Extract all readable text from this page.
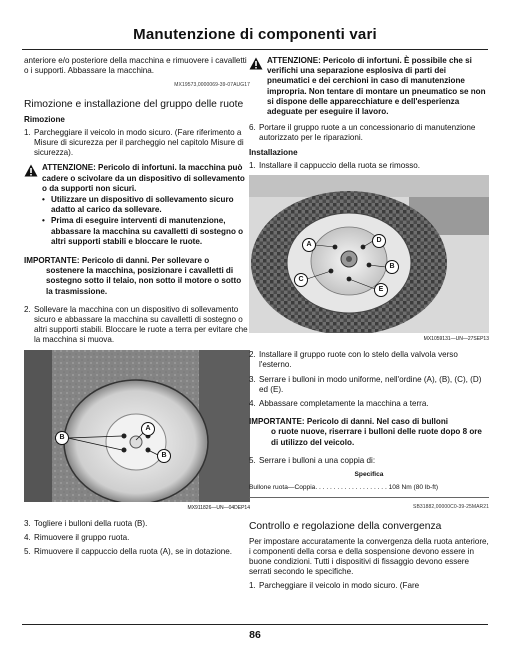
Manutenzione di componenti vari

anteriore e/o posteriore della macchina e rimuovere i cavalletti o i supporti. Abbassare la macchina.

MX19573,0000069-39-07AUG17
Rimozione e installazione del gruppo delle ruote
Rimozione
1. Parcheggiare il veicolo in modo sicuro. (Fare riferimento a Misure di sicurezza per il parcheggio nel capitolo Misure di sicurezza).
ATTENZIONE: Pericolo di infortuni. la macchina può cadere o scivolare da un dispositivo di sollevamento o da supporti non sicuri.
• Utilizzare un dispositivo di sollevamento sicuro adatto al carico da sollevare.
• Prima di eseguire interventi di manutenzione, abbassare la macchina su cavalletti di sostegno o altri supporti stabili e bloccare le ruote.
IMPORTANTE: Pericolo di danni. Per sollevare o
sostenere la macchina, posizionare i cavalletti di sostegno sotto il telaio, non sotto il motore o sotto la trasmissione.
2. Sollevare la macchina con un dispositivo di sollevamento sicuro e abbassare la macchina su cavalletti di sostegno o altri supporti stabili. Bloccare le ruote a terra per evitare che la macchina si muova.
A
B
B
MX911826—UN—04DEP14
3. Togliere i bulloni della ruota (B).
4. Rimuovere il gruppo ruota.
5. Rimuovere il cappuccio della ruota (A), se in dotazione.
ATTENZIONE: Pericolo di infortuni. È possibile che si verifichi una separazione esplosiva di parti dei pneumatici e dei cerchioni in caso di manutenzione impropria. Non tentare di montare un pneumatico se non si dispone delle apparecchiature e dell'esperienza adeguate per eseguire il lavoro.
6. Portare il gruppo ruote a un concessionario di manutenzione autorizzato per le riparazioni.
Installazione
1. Installare il cappuccio della ruota se rimosso.
A
D
B
C
E
MX1059131—UN—27SEP13
2. Installare il gruppo ruote con lo stelo della valvola verso l'esterno.
3. Serrare i bulloni in modo uniforme, nell'ordine (A), (B), (C), (D) ed (E).
4. Abbassare completamente la macchina a terra.
IMPORTANTE: Pericolo di danni. Nel caso di bulloni
o ruote nuove, riserrare i bulloni delle ruote dopo 8 ore di utilizzo del veicolo.
5. Serrare i bulloni a una coppia di:
Specifica
Bullone ruota—Coppia. . . . . . . . . . . . . . . . . . . . 108 Nm (80 lb-ft)
SB31882,00000C0-39-25MAR21
Controllo e regolazione della convergenza

Per impostare accuratamente la convergenza della ruota anteriore, i componenti della corsa e della sospensione devono essere in buone condizioni. Tutti i dispositivi di fissaggio devono essere serrati secondo le specifiche.

1. Parcheggiare il veicolo in modo sicuro. (Fare
86
